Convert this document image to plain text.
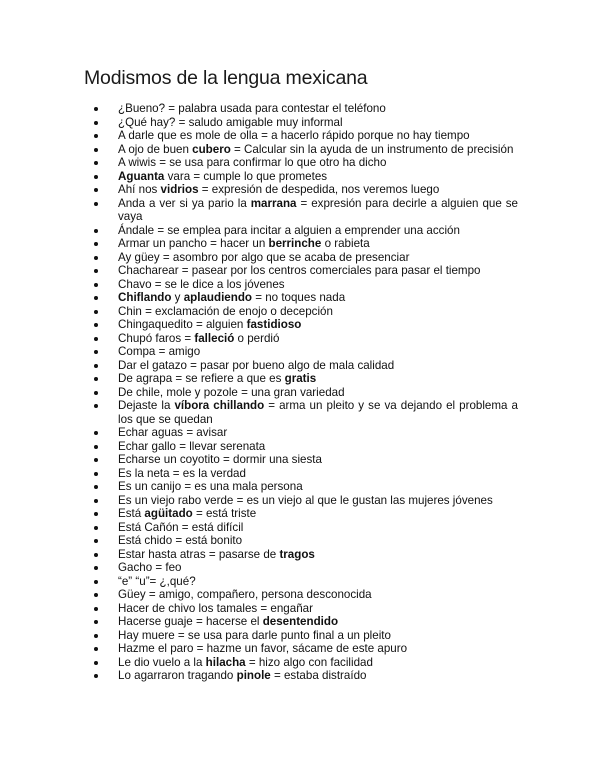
Modismos de la lengua mexicana
¿Bueno? = palabra usada para contestar el teléfono
¿Qué hay? = saludo amigable muy informal
A darle que es mole de olla = a hacerlo rápido porque no hay tiempo
A ojo de buen cubero = Calcular sin la ayuda de un instrumento de precisión
A wiwis = se usa para confirmar lo que otro ha dicho
Aguanta vara = cumple lo que prometes
Ahí nos vidrios = expresión de despedida, nos veremos luego
Anda a ver si ya pario la marrana = expresión para decirle a alguien que se vaya
Ándale = se emplea para incitar a alguien a emprender una acción
Armar un pancho = hacer un berrinche o rabieta
Ay güey = asombro por algo que se acaba de presenciar
Chacharear = pasear por los centros comerciales para pasar el tiempo
Chavo = se le dice a los jóvenes
Chiflando y aplaudiendo = no toques nada
Chin = exclamación de enojo o decepción
Chingaquedito = alguien fastidioso
Chupó faros = falleció o perdió
Compa = amigo
Dar el gatazo = pasar por bueno algo de mala calidad
De agrapa = se refiere a que es gratis
De chile, mole y pozole = una gran variedad
Dejaste la víbora chillando = arma un pleito y se va dejando el problema a los que se quedan
Echar aguas = avisar
Echar gallo = llevar serenata
Echarse un coyotito = dormir una siesta
Es la neta = es la verdad
Es un canijo = es una mala persona
Es un viejo rabo verde = es un viejo al que le gustan las mujeres jóvenes
Está agüitado = está triste
Está Cañón = está difícil
Está chido = está bonito
Estar hasta atras = pasarse de tragos
Gacho = feo
“e” “u”= ¿,qué?
Güey = amigo, compañero, persona desconocida
Hacer de chivo los tamales = engañar
Hacerse guaje = hacerse el desentendido
Hay muere = se usa para darle punto final a un pleito
Hazme el paro = hazme un favor, sácame de este apuro
Le dio vuelo a la hilacha = hizo algo con facilidad
Lo agarraron tragando pinole = estaba distraído
